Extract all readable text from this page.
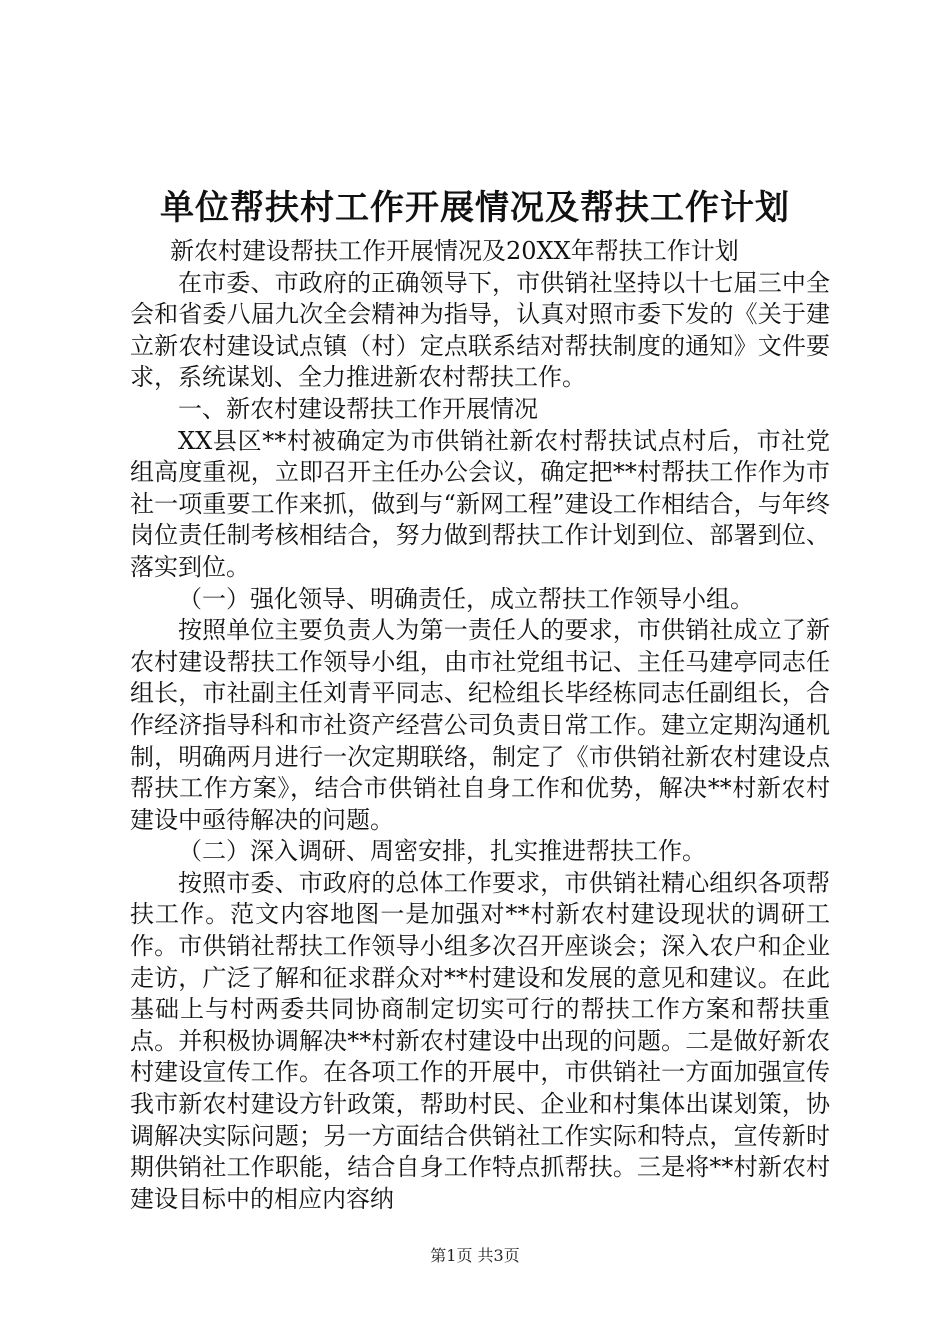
单位帮扶村工作开展情况及帮扶工作计划

新农村建设帮扶工作开展情况及20XX年帮扶工作计划

在市委、市政府的正确领导下，市供销社坚持以十七届三中全会和省委八届九次全会精神为指导，认真对照市委下发的《关于建立新农村建设试点镇（村）定点联系结对帮扶制度的通知》文件要求，系统谋划、全力推进新农村帮扶工作。

一、新农村建设帮扶工作开展情况

XX县区**村被确定为市供销社新农村帮扶试点村后，市社党组高度重视，立即召开主任办公会议，确定把**村帮扶工作作为市社一项重要工作来抓，做到与“新网工程”建设工作相结合，与年终岗位责任制考核相结合，努力做到帮扶工作计划到位、部署到位、落实到位。

（一）强化领导、明确责任，成立帮扶工作领导小组。

按照单位主要负责人为第一责任人的要求，市供销社成立了新农村建设帮扶工作领导小组，由市社党组书记、主任马建亭同志任组长，市社副主任刘青平同志、纪检组长毕经栋同志任副组长，合作经济指导科和市社资产经营公司负责日常工作。建立定期沟通机制，明确两月进行一次定期联络，制定了《市供销社新农村建设点帮扶工作方案》，结合市供销社自身工作和优势，解决**村新农村建设中亟待解决的问题。

（二）深入调研、周密安排，扎实推进帮扶工作。

按照市委、市政府的总体工作要求，市供销社精心组织各项帮扶工作。范文内容地图一是加强对**村新农村建设现状的调研工作。市供销社帮扶工作领导小组多次召开座谈会；深入农户和企业走访，广泛了解和征求群众对**村建设和发展的意见和建议。在此基础上与村两委共同协商制定切实可行的帮扶工作方案和帮扶重点。并积极协调解决**村新农村建设中出现的问题。二是做好新农村建设宣传工作。在各项工作的开展中，市供销社一方面加强宣传我市新农村建设方针政策，帮助村民、企业和村集体出谋划策，协调解决实际问题；另一方面结合供销社工作实际和特点，宣传新时期供销社工作职能，结合自身工作特点抓帮扶。三是将**村新农村建设目标中的相应内容纳

第1页 共3页
